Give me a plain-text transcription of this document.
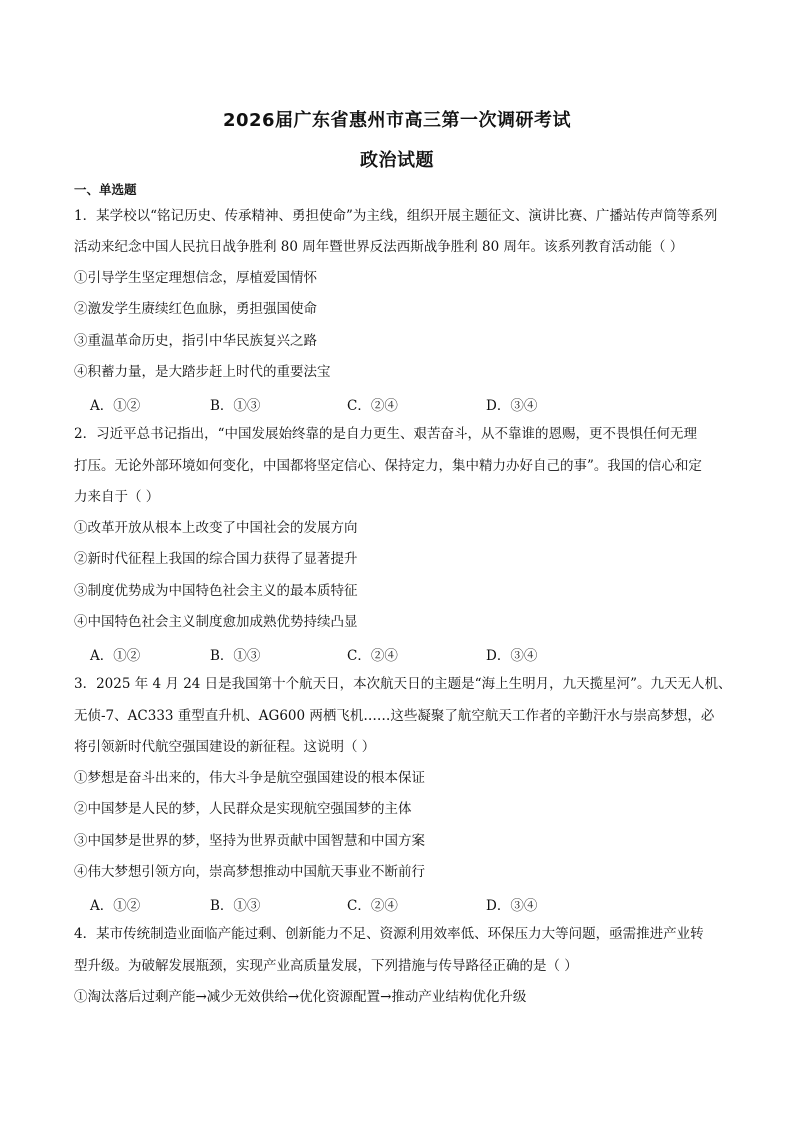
2026届广东省惠州市高三第一次调研考试
政治试题
一、单选题
1．某学校以“铭记历史、传承精神、勇担使命”为主线，组织开展主题征文、演讲比赛、广播站传声筒等系列
活动来纪念中国人民抗日战争胜利 80 周年暨世界反法西斯战争胜利 80 周年。该系列教育活动能（ ）
①引导学生坚定理想信念，厚植爱国情怀
②激发学生赓续红色血脉，勇担强国使命
③重温革命历史，指引中华民族复兴之路
④积蓄力量，是大踏步赶上时代的重要法宝
A．①②	B．①③	C．②④	D．③④
2．习近平总书记指出，“中国发展始终靠的是自力更生、艰苦奋斗，从不靠谁的恩赐，更不畏惧任何无理
打压。无论外部环境如何变化，中国都将坚定信心、保持定力，集中精力办好自己的事”。我国的信心和定
力来自于（ ）
①改革开放从根本上改变了中国社会的发展方向
②新时代征程上我国的综合国力获得了显著提升
③制度优势成为中国特色社会主义的最本质特征
④中国特色社会主义制度愈加成熟优势持续凸显
A．①②	B．①③	C．②④	D．③④
3．2025 年 4 月 24 日是我国第十个航天日，本次航天日的主题是“海上生明月，九天揽星河”。九天无人机、
无侦-7、AC333 重型直升机、AG600 两栖飞机……这些凝聚了航空航天工作者的辛勤汗水与崇高梦想，必
将引领新时代航空强国建设的新征程。这说明（ ）
①梦想是奋斗出来的，伟大斗争是航空强国建设的根本保证
②中国梦是人民的梦，人民群众是实现航空强国梦的主体
③中国梦是世界的梦，坚持为世界贡献中国智慧和中国方案
④伟大梦想引领方向，崇高梦想推动中国航天事业不断前行
A．①②	B．①③	C．②④	D．③④
4．某市传统制造业面临产能过剩、创新能力不足、资源利用效率低、环保压力大等问题，亟需推进产业转
型升级。为破解发展瓶颈，实现产业高质量发展，下列措施与传导路径正确的是（ ）
①淘汰落后过剩产能→减少无效供给→优化资源配置→推动产业结构优化升级
